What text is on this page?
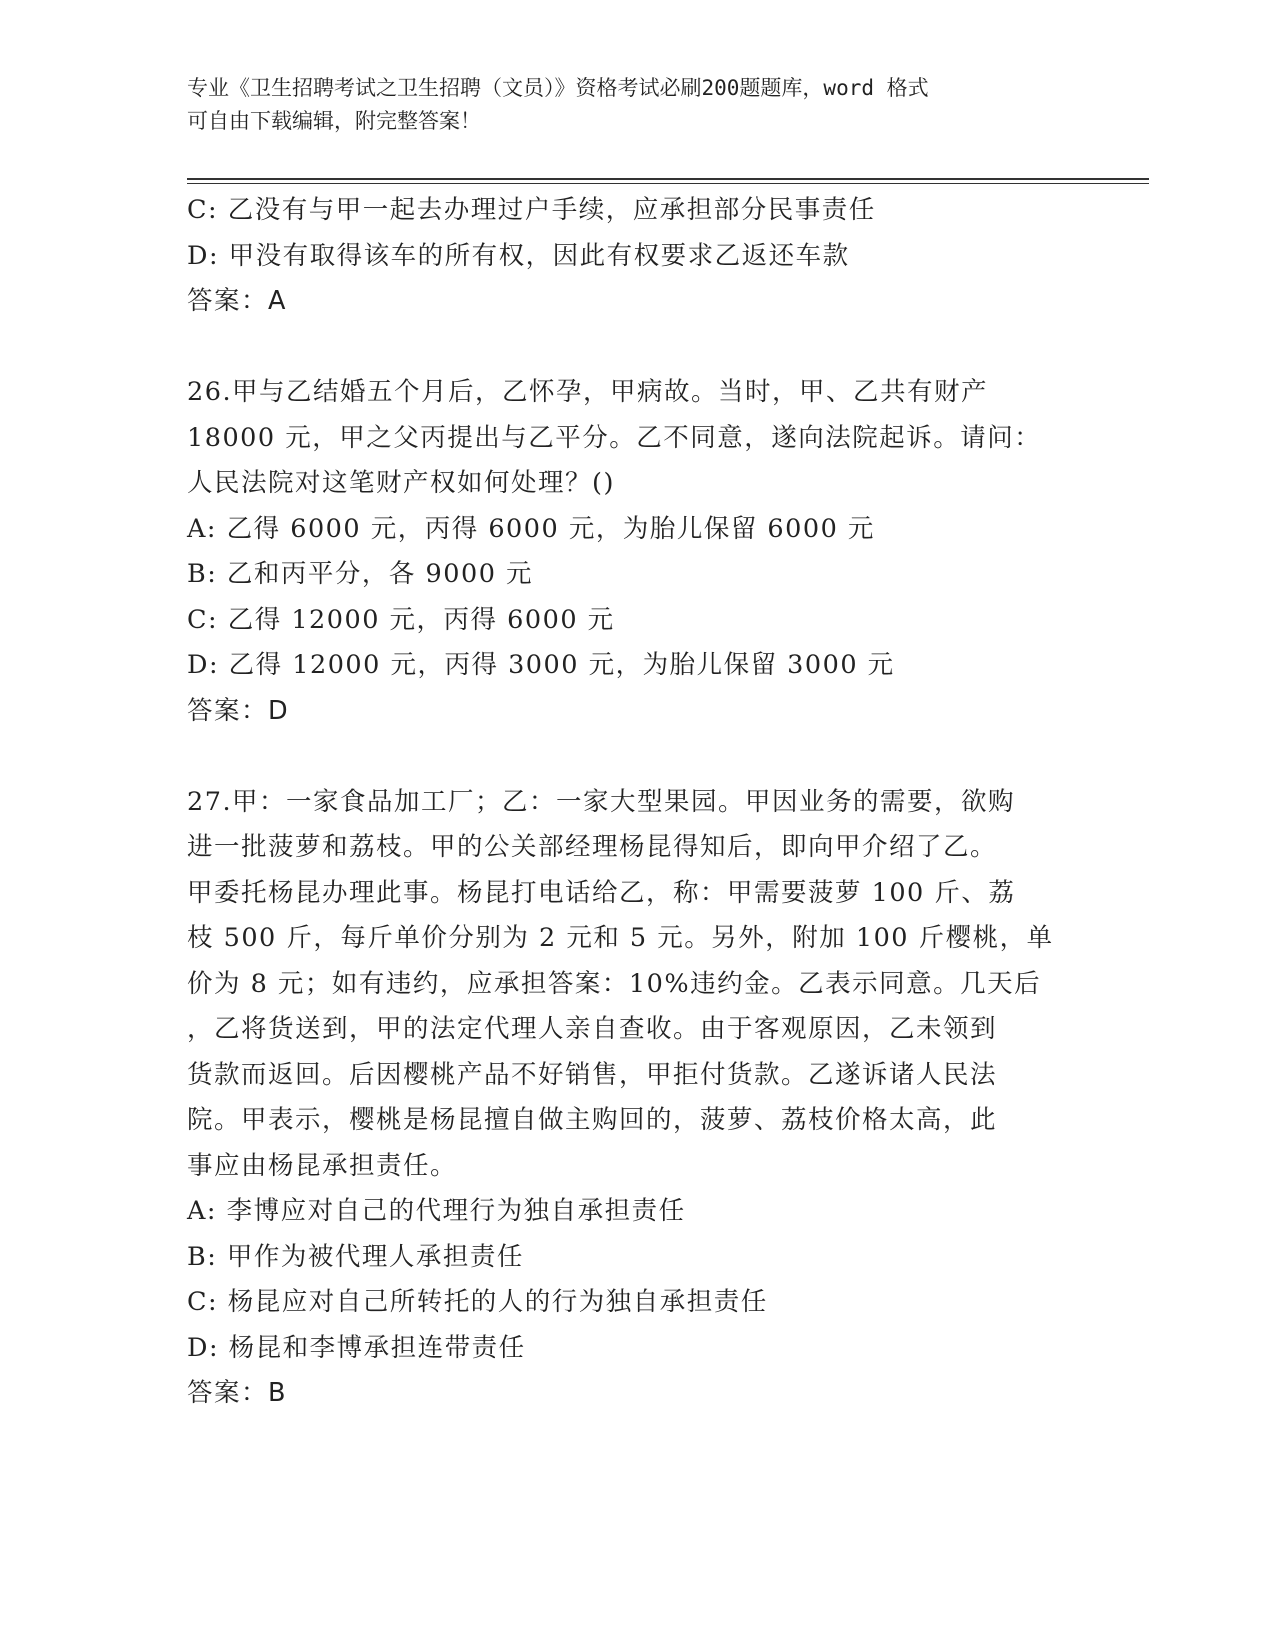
专业《卫生招聘考试之卫生招聘（文员）》资格考试必刷200题题库，word 格式
可自由下载编辑，附完整答案！
C: 乙没有与甲一起去办理过户手续，应承担部分民事责任
D: 甲没有取得该车的所有权，因此有权要求乙返还车款
答案：A
26.甲与乙结婚五个月后，乙怀孕，甲病故。当时，甲、乙共有财产
18000 元，甲之父丙提出与乙平分。乙不同意，遂向法院起诉。请问：
人民法院对这笔财产权如何处理？()
A: 乙得 6000 元，丙得 6000 元，为胎儿保留 6000 元
B: 乙和丙平分，各 9000 元
C: 乙得 12000 元，丙得 6000 元
D: 乙得 12000 元，丙得 3000 元，为胎儿保留 3000 元
答案：D
27.甲：一家食品加工厂；乙：一家大型果园。甲因业务的需要，欲购
进一批菠萝和荔枝。甲的公关部经理杨昆得知后，即向甲介绍了乙。
甲委托杨昆办理此事。杨昆打电话给乙，称：甲需要菠萝 100 斤、荔
枝 500 斤，每斤单价分别为 2 元和 5 元。另外，附加 100 斤樱桃，单
价为 8 元；如有违约，应承担答案：10%违约金。乙表示同意。几天后
，乙将货送到，甲的法定代理人亲自查收。由于客观原因，乙未领到
货款而返回。后因樱桃产品不好销售，甲拒付货款。乙遂诉诸人民法
院。甲表示，樱桃是杨昆擅自做主购回的，菠萝、荔枝价格太高，此
事应由杨昆承担责任。
A: 李博应对自己的代理行为独自承担责任
B: 甲作为被代理人承担责任
C: 杨昆应对自己所转托的人的行为独自承担责任
D: 杨昆和李博承担连带责任
答案：B
